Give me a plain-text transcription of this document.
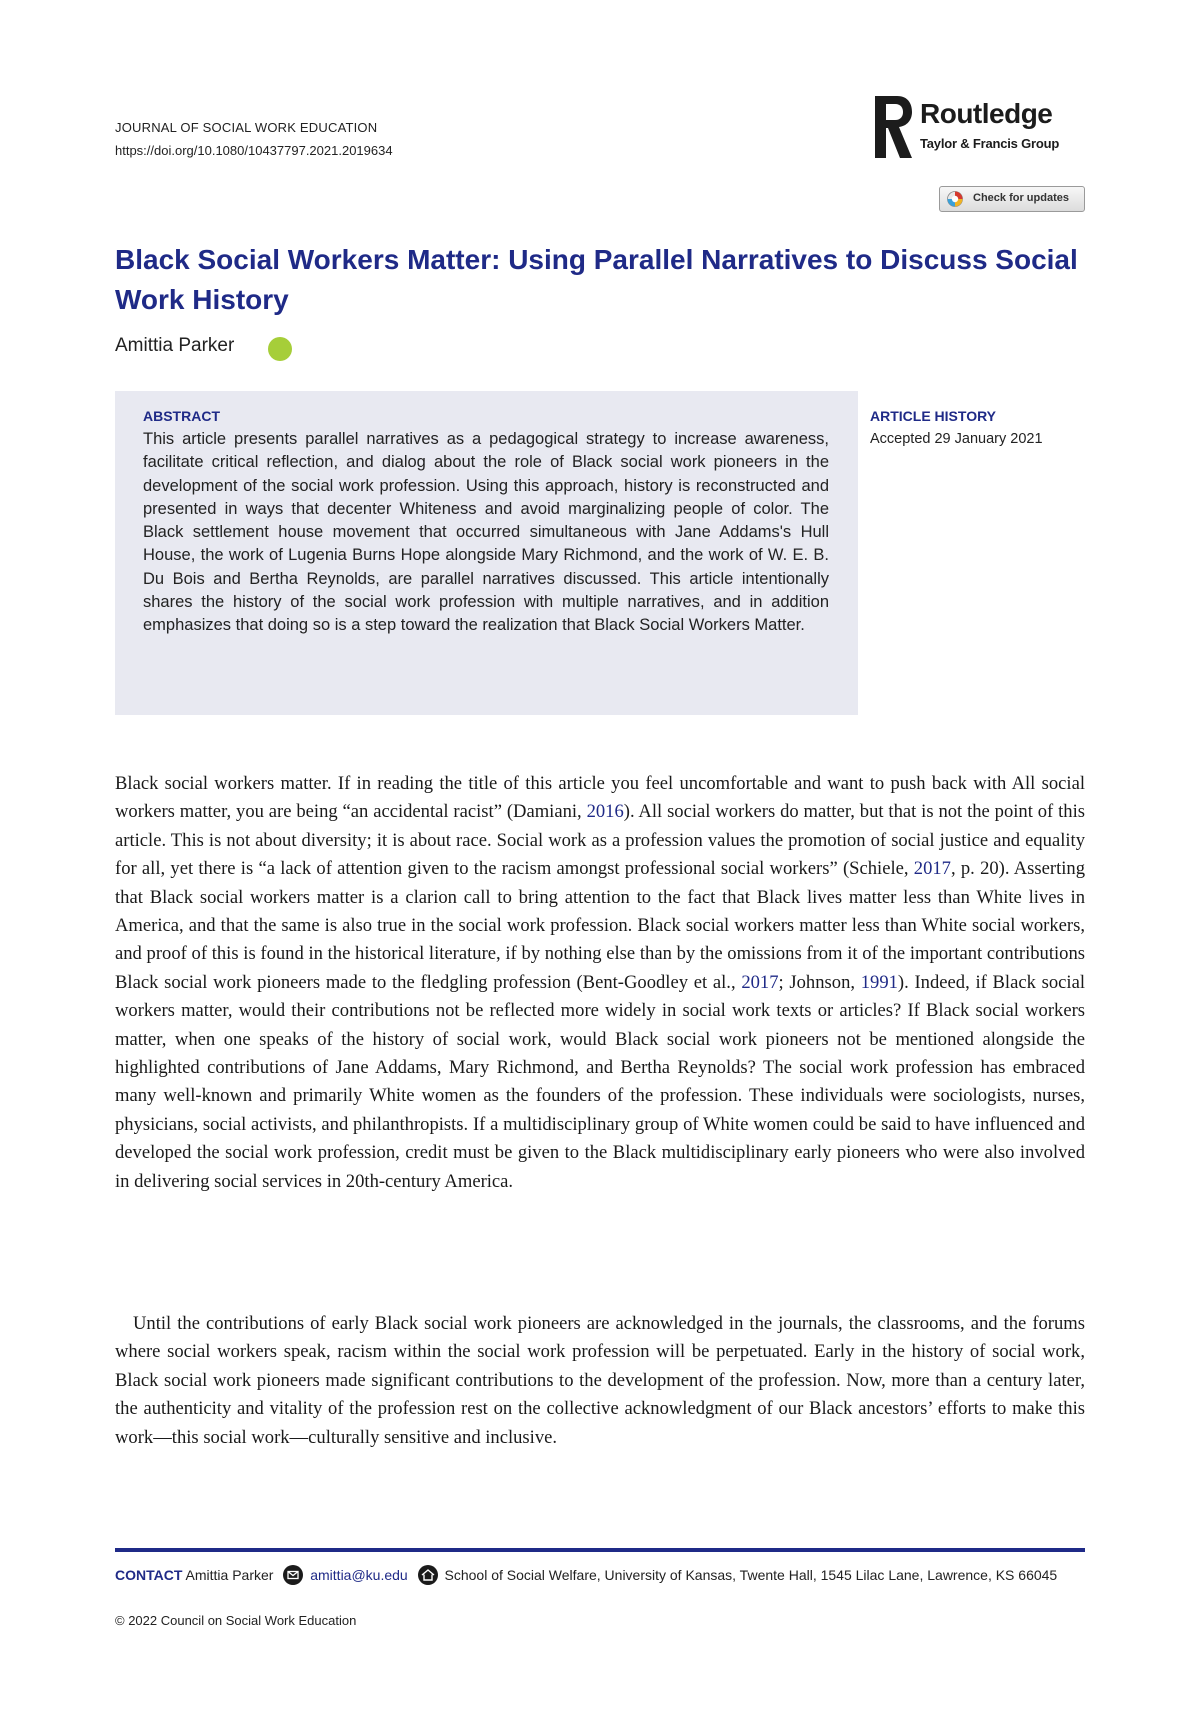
JOURNAL OF SOCIAL WORK EDUCATION
https://doi.org/10.1080/10437797.2021.2019634
Routledge
Taylor & Francis Group
Check for updates
Black Social Workers Matter: Using Parallel Narratives to Discuss Social Work History
Amittia Parker
ABSTRACT

This article presents parallel narratives as a pedagogical strategy to increase awareness, facilitate critical reflection, and dialog about the role of Black social work pioneers in the development of the social work profession. Using this approach, history is reconstructed and presented in ways that decenter Whiteness and avoid marginalizing people of color. The Black settlement house movement that occurred simultaneous with Jane Addams's Hull House, the work of Lugenia Burns Hope alongside Mary Richmond, and the work of W. E. B. Du Bois and Bertha Reynolds, are parallel narratives discussed. This article intentionally shares the history of the social work profession with multiple narratives, and in addition emphasizes that doing so is a step toward the realization that Black Social Workers Matter.

ARTICLE HISTORY
Accepted 29 January 2021

Black social workers matter. If in reading the title of this article you feel uncomfortable and want to push back with All social workers matter, you are being “an accidental racist” (Damiani, 2016). All social workers do matter, but that is not the point of this article. This is not about diversity; it is about race. Social work as a profession values the promotion of social justice and equality for all, yet there is “a lack of attention given to the racism amongst professional social workers” (Schiele, 2017, p. 20). Asserting that Black social workers matter is a clarion call to bring attention to the fact that Black lives matter less than White lives in America, and that the same is also true in the social work profession. Black social workers matter less than White social workers, and proof of this is found in the historical literature, if by nothing else than by the omissions from it of the important contributions Black social work pioneers made to the fledgling profession (Bent-Goodley et al., 2017; Johnson, 1991). Indeed, if Black social workers matter, would their contributions not be reflected more widely in social work texts or articles? If Black social workers matter, when one speaks of the history of social work, would Black social work pioneers not be mentioned alongside the highlighted contributions of Jane Addams, Mary Richmond, and Bertha Reynolds? The social work profession has embraced many well-known and primarily White women as the founders of the profession. These individuals were sociologists, nurses, physicians, social activists, and philanthropists. If a multidisciplinary group of White women could be said to have influenced and developed the social work profession, credit must be given to the Black multidisciplinary early pioneers who were also involved in delivering social services in 20th-century America.

Until the contributions of early Black social work pioneers are acknowledged in the journals, the classrooms, and the forums where social workers speak, racism within the social work profession will be perpetuated. Early in the history of social work, Black social work pioneers made significant contributions to the development of the profession. Now, more than a century later, the authenticity and vitality of the profession rest on the collective acknowledgment of our Black ancestors’ efforts to make this work—this social work—culturally sensitive and inclusive.

CONTACT Amittia Parker	amittia@ku.edu	School of Social Welfare, University of Kansas, Twente Hall, 1545 Lilac Lane, Lawrence, KS 66045
© 2022 Council on Social Work Education
